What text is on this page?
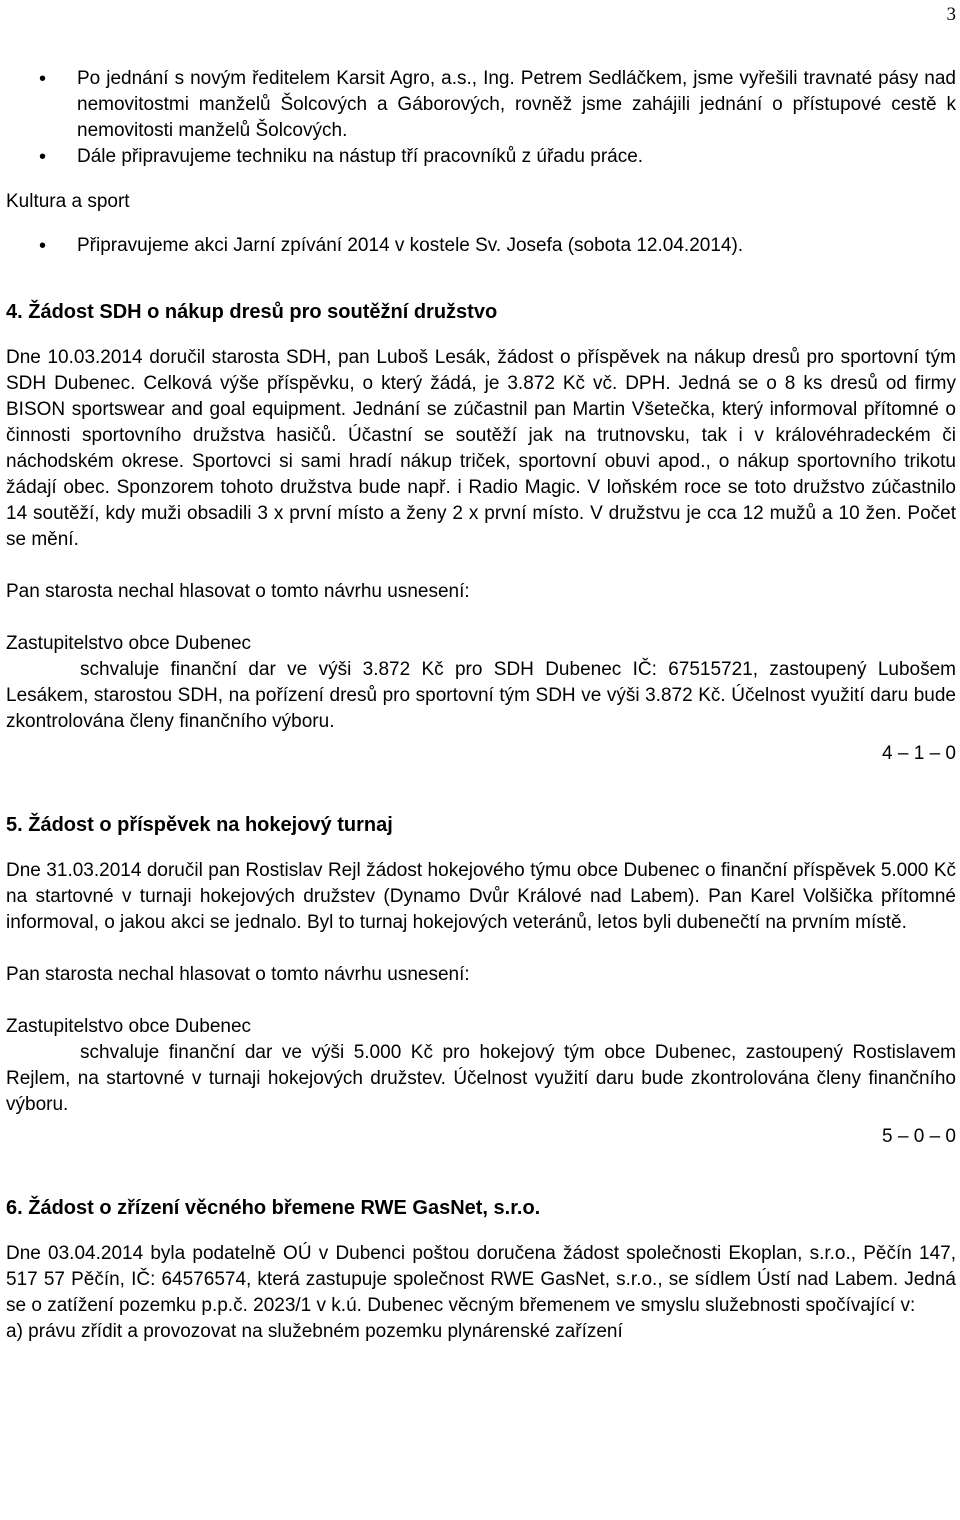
3
• Po jednání s novým ředitelem Karsit Agro, a.s., Ing. Petrem Sedláčkem, jsme vyřešili travnaté pásy nad nemovitostmi manželů Šolcových a Gáborových, rovněž jsme zahájili jednání o přístupové cestě k nemovitosti manželů Šolcových.
• Dále připravujeme techniku na nástup tří pracovníků z úřadu práce.

Kultura a sport

• Připravujeme akci Jarní zpívání 2014 v kostele Sv. Josefa (sobota 12.04.2014).
4. Žádost SDH o nákup dresů pro soutěžní družstvo

Dne 10.03.2014 doručil starosta SDH, pan Luboš Lesák, žádost o příspěvek na nákup dresů pro sportovní tým SDH Dubenec. Celková výše příspěvku, o který žádá, je 3.872 Kč vč. DPH. Jedná se o 8 ks dresů od firmy BISON sportswear and goal equipment. Jednání se zúčastnil pan Martin Všetečka, který informoval přítomné o činnosti sportovního družstva hasičů. Účastní se soutěží jak na trutnovsku, tak i v královéhradeckém či náchodském okrese. Sportovci si sami hradí nákup triček, sportovní obuvi apod., o nákup sportovního trikotu žádají obec. Sponzorem tohoto družstva bude např. i Radio Magic. V loňském roce se toto družstvo zúčastnilo 14 soutěží, kdy muži obsadili 3 x první místo a ženy 2 x první místo. V družstvu je cca 12 mužů a 10 žen. Počet se mění.

Pan starosta nechal hlasovat o tomto návrhu usnesení:

Zastupitelstvo obce Dubenec

schvaluje finanční dar ve výši 3.872 Kč pro SDH Dubenec IČ: 67515721, zastoupený Lubošem Lesákem, starostou SDH, na pořízení dresů pro sportovní tým SDH ve výši 3.872 Kč. Účelnost využití daru bude zkontrolována členy finančního výboru.

4 – 1 – 0

5. Žádost o příspěvek na hokejový turnaj

Dne 31.03.2014 doručil pan Rostislav Rejl žádost hokejového týmu obce Dubenec o finanční příspěvek 5.000 Kč na startovné v turnaji hokejových družstev (Dynamo Dvůr Králové nad Labem). Pan Karel Volšička přítomné informoval, o jakou akci se jednalo. Byl to turnaj hokejových veteránů, letos byli dubenečtí na prvním místě.

Pan starosta nechal hlasovat o tomto návrhu usnesení:

Zastupitelstvo obce Dubenec

schvaluje finanční dar ve výši 5.000 Kč pro hokejový tým obce Dubenec, zastoupený Rostislavem Rejlem, na startovné v turnaji hokejových družstev. Účelnost využití daru bude zkontrolována členy finančního výboru.

5 – 0 – 0

6. Žádost o zřízení věcného břemene RWE GasNet, s.r.o.

Dne 03.04.2014 byla podatelně OÚ v Dubenci poštou doručena žádost společnosti Ekoplan, s.r.o., Pěčín 147, 517 57 Pěčín, IČ: 64576574, která zastupuje společnost RWE GasNet, s.r.o., se sídlem Ústí nad Labem. Jedná se o zatížení pozemku p.p.č. 2023/1 v k.ú. Dubenec věcným břemenem ve smyslu služebnosti spočívající v:

a) právu zřídit a provozovat na služebném pozemku plynárenské zařízení
